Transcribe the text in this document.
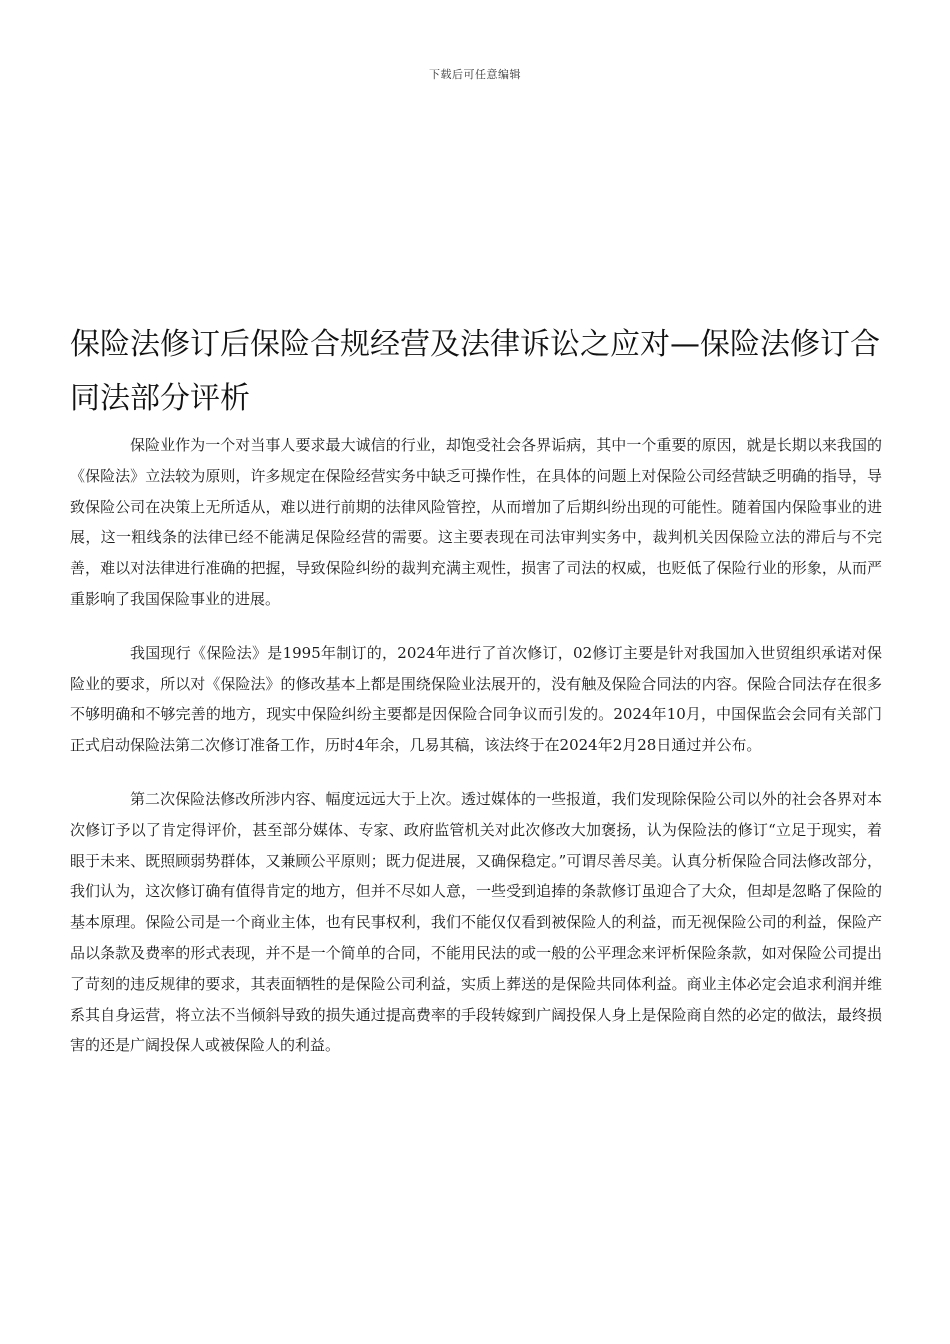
下载后可任意编辑
保险法修订后保险合规经营及法律诉讼之应对—保险法修订合同法部分评析

保险业作为一个对当事人要求最大诚信的行业，却饱受社会各界诟病，其中一个重要的原因，就是长期以来我国的《保险法》立法较为原则，许多规定在保险经营实务中缺乏可操作性，在具体的问题上对保险公司经营缺乏明确的指导，导致保险公司在决策上无所适从，难以进行前期的法律风险管控，从而增加了后期纠纷出现的可能性。随着国内保险事业的进展，这一粗线条的法律已经不能满足保险经营的需要。这主要表现在司法审判实务中，裁判机关因保险立法的滞后与不完善，难以对法律进行准确的把握，导致保险纠纷的裁判充满主观性，损害了司法的权威，也贬低了保险行业的形象，从而严重影响了我国保险事业的进展。

我国现行《保险法》是1995年制订的，2024年进行了首次修订，02修订主要是针对我国加入世贸组织承诺对保险业的要求，所以对《保险法》的修改基本上都是围绕保险业法展开的，没有触及保险合同法的内容。保险合同法存在很多不够明确和不够完善的地方，现实中保险纠纷主要都是因保险合同争议而引发的。2024年10月，中国保监会会同有关部门正式启动保险法第二次修订准备工作，历时4年余，几易其稿，该法终于在2024年2月28日通过并公布。

第二次保险法修改所涉内容、幅度远远大于上次。透过媒体的一些报道，我们发现除保险公司以外的社会各界对本次修订予以了肯定得评价，甚至部分媒体、专家、政府监管机关对此次修改大加褒扬，认为保险法的修订“立足于现实，着眼于未来、既照顾弱势群体，又兼顾公平原则；既力促进展，又确保稳定。”可谓尽善尽美。认真分析保险合同法修改部分，我们认为，这次修订确有值得肯定的地方，但并不尽如人意，一些受到追捧的条款修订虽迎合了大众，但却是忽略了保险的基本原理。保险公司是一个商业主体，也有民事权利，我们不能仅仅看到被保险人的利益，而无视保险公司的利益，保险产品以条款及费率的形式表现，并不是一个简单的合同，不能用民法的或一般的公平理念来评析保险条款，如对保险公司提出了苛刻的违反规律的要求，其表面牺牲的是保险公司利益，实质上葬送的是保险共同体利益。商业主体必定会追求利润并维系其自身运营，将立法不当倾斜导致的损失通过提高费率的手段转嫁到广阔投保人身上是保险商自然的必定的做法，最终损害的还是广阔投保人或被保险人的利益。
